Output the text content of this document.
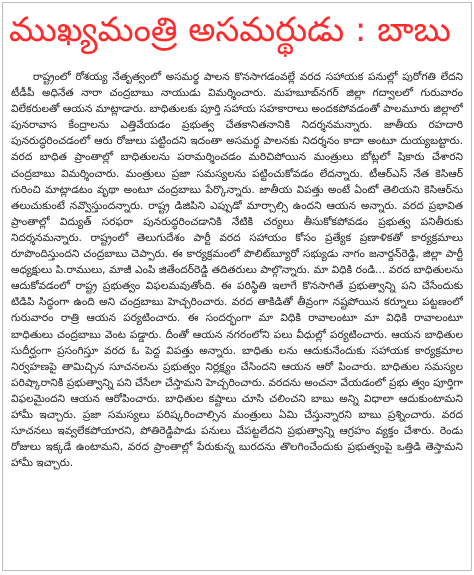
ముఖ్యమంత్రి అసమర్థుడు : బాబు
రాష్ట్రంలో రోశయ్య నేతృత్వంలో అసమర్థ పాలన కొనసాగడంవల్లే వరద సహాయక పనుల్లో పురోగతి లేదని టీడీపీ అధినేత నారా చంద్రబాబు నాయుడు విమర్శించారు. మహబూబ్‌నగర్ జిల్లా గద్వాలలో గురువారం విలేకరులతో ఆయన మాట్లాడారు. బాధితులకు పూర్తి సహాయ సహకారాలు అందకపోవడంతో పాలమూరు జిల్లాలో పునరావాస కేంద్రాలను ఎత్తివేయడం ప్రభుత్వ చేతకానితనానికి నిదర్శనమన్నారు. జాతీయ రహదారి పునరుద్ధరించడంలో ఆరు రోజులు పట్టిందని ఇదంతా అసమర్థ పాలనకు నిదర్శనం కాదా అంటూ దుయ్యబట్టారు. వరద బాధిత ప్రాంతాల్లో బాధితులను పరామర్శించడం మరిచిపోయిన మంత్రులు బోట్లలో షికారు చేశారని చంద్రబాబు విమర్శించారు. మంత్రులు ప్రజా సమస్యలను పట్టించుకోవడం లేదన్నారు. టీఆర్ఎస్ నేత కెసిఆర్ గురించి మాట్లాడటం వృథా అంటూ చంద్రబాబు పేర్కొన్నారు. జాతీయ విపత్తు అంటే ఏంటో తెలియని కెసిఆర్‌ను తలుచుకుంటే నవ్వొస్తుందన్నారు. రాష్ట్ర డిజిపిని ఎప్పుడో మార్చాల్సి ఉందని ఆయన అన్నారు. వరద ప్రభావిత ప్రాంతాల్లో విద్యుత్ సరఫరా పునరుద్ధరించడానికి నేటికి చర్యలు తీసుకోకపోవడం ప్రభుత్వ పనితీరుకు నిదర్శనమన్నారు. రాష్ట్రంలో తెలుగుదేశం పార్టీ వరద సహాయం కోసం ప్రత్యేక ప్రణాళికతో కార్యక్రమాలు రూపొందిస్తుందని చంద్రబాబు చెప్పారు. ఈ కార్యక్రమంలో పొలిట్‌బ్యూరో సభ్యుడు నాగం జనార్దన్‌రెడ్డి, జిల్లా పార్టీ అధ్యక్షులు పి.రాములు, మాజీ ఎంపి జితేందర్‌రెడ్డి తదితరులు పాల్గొన్నారు. మా విధికి రండి... వరద బాధితులను ఆదుకోవడంలో రాష్ట్ర ప్రభుత్వం విఫలమవుతోంది. ఈ పరిస్థితి ఇలాగే కొనసాగితే ప్రభుత్వాన్ని పని చేసేందుకు టిడిపి సిద్ధంగా ఉంది అని చంద్రబాబు హెచ్చరించారు. వరద తాకిడితో తీవ్రంగా నష్టపోయిన కర్నూలు పట్టణంలో గురువారం రాత్రి ఆయన పర్యటించారు. ఈ సందర్భంగా మా విధికి రావాలంటూ మా విధికి రావాలంటూ బాధితులు చంద్రబాబు వెంట పడ్డారు. దీంతో ఆయన నగరంలోని పలు వీధుల్లో పర్యటించారు. ఆయన బాధితుల సుదీర్ఘంగా ప్రసంగిస్తూ వరద ఓ పెద్ద విపత్తు అన్నారు. బాధితు లను ఆదుకునేందుకు సహాయక కార్యక్రమాల నిర్వహణపై తామిచ్చిన సూచనలను ప్రభుత్వం నిర్లక్ష్యం చేసిందని ఆయన ఆరో పించారు. బాధితుల సమస్యల పరిష్కారానికి ప్రభుత్వాన్ని పని చేసేలా చేస్తామని హెచ్చరించారు. వరదను అంచనా వేయడంలో ప్రభు త్వం పూర్తిగా విఫలమైందని ఆయన ఆరోపించారు. బాధితుల కష్టాలు చూసి చలించని బాబు అన్ని విధాలా ఆదుకుంటామని హామీ ఇచ్చారు. ప్రజా సమస్యలు పరిష్కరించాల్సిన మంత్రులు ఏమి చేస్తున్నారని బాబు ప్రశ్నించారు. వరద సూచనలు ఇవ్వలేకపోయారని, పోతిరెడ్డిపాడు పనులు చేపట్టలేదని ప్రభుత్వాన్ని ఆగ్రహం వ్యక్తం చేశారు. రెండు రోజులు ఇక్కడే ఉంటామని, వరద ప్రాంతాల్లో పేరుకున్న బురదను తొలగించేందుకు ప్రభుత్వంపై ఒత్తిడి తెస్తామని హామీ ఇచ్చారు.
